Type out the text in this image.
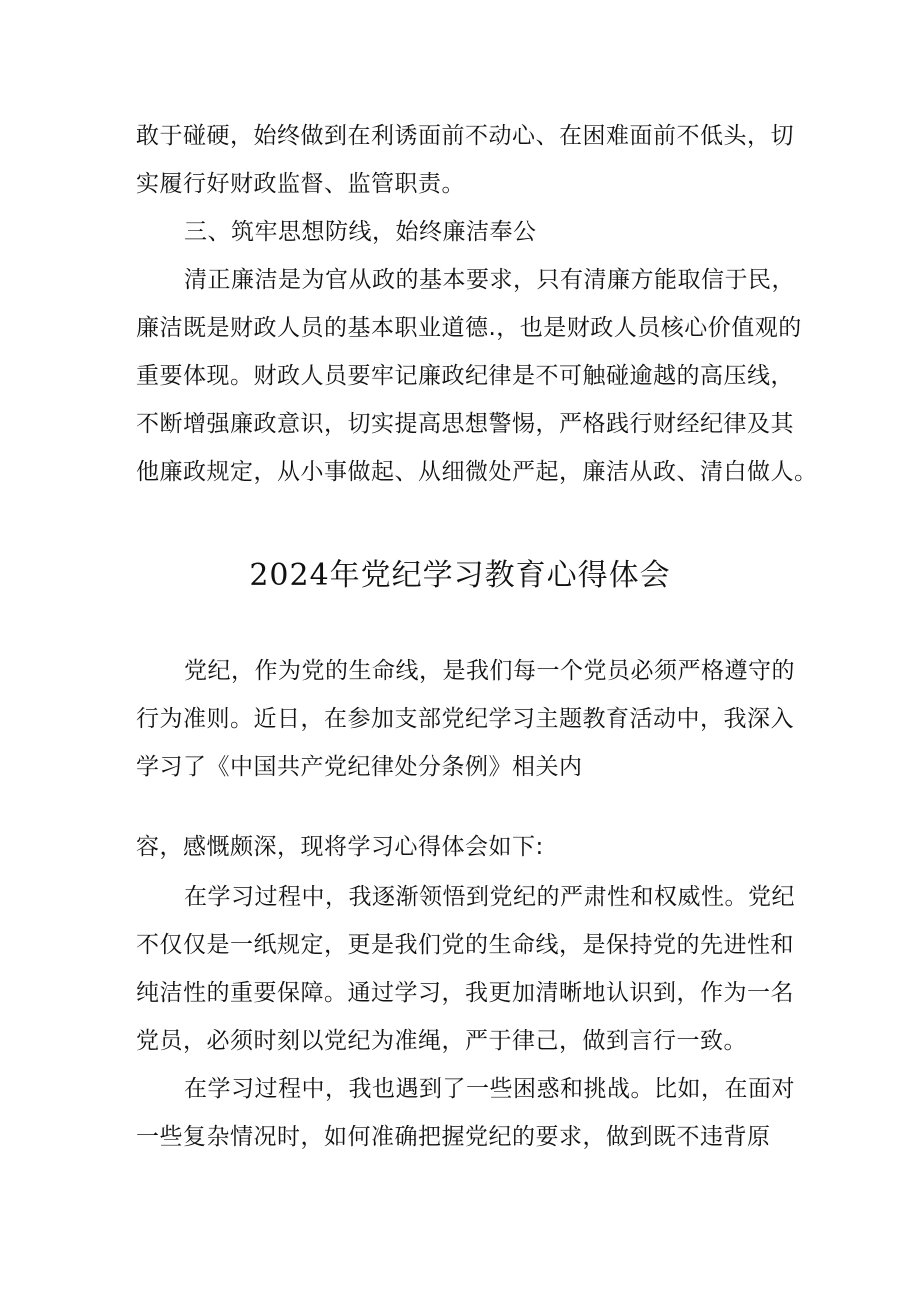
敢于碰硬，始终做到在利诱面前不动心、在困难面前不低头，切
实履行好财政监督、监管职责。
三、筑牢思想防线，始终廉洁奉公
清正廉洁是为官从政的基本要求，只有清廉方能取信于民，
廉洁既是财政人员的基本职业道德.，也是财政人员核心价值观的
重要体现。财政人员要牢记廉政纪律是不可触碰逾越的高压线，
不断增强廉政意识，切实提高思想警惕，严格践行财经纪律及其
他廉政规定，从小事做起、从细微处严起，廉洁从政、清白做人。
2024年党纪学习教育心得体会
党纪，作为党的生命线，是我们每一个党员必须严格遵守的
行为准则。近日，在参加支部党纪学习主题教育活动中，我深入
学习了《中国共产党纪律处分条例》相关内
容，感慨颇深，现将学习心得体会如下:
在学习过程中，我逐渐领悟到党纪的严肃性和权威性。党纪
不仅仅是一纸规定，更是我们党的生命线，是保持党的先进性和
纯洁性的重要保障。通过学习，我更加清晰地认识到，作为一名
党员，必须时刻以党纪为准绳，严于律己，做到言行一致。
在学习过程中，我也遇到了一些困惑和挑战。比如，在面对
一些复杂情况时，如何准确把握党纪的要求，做到既不违背原
